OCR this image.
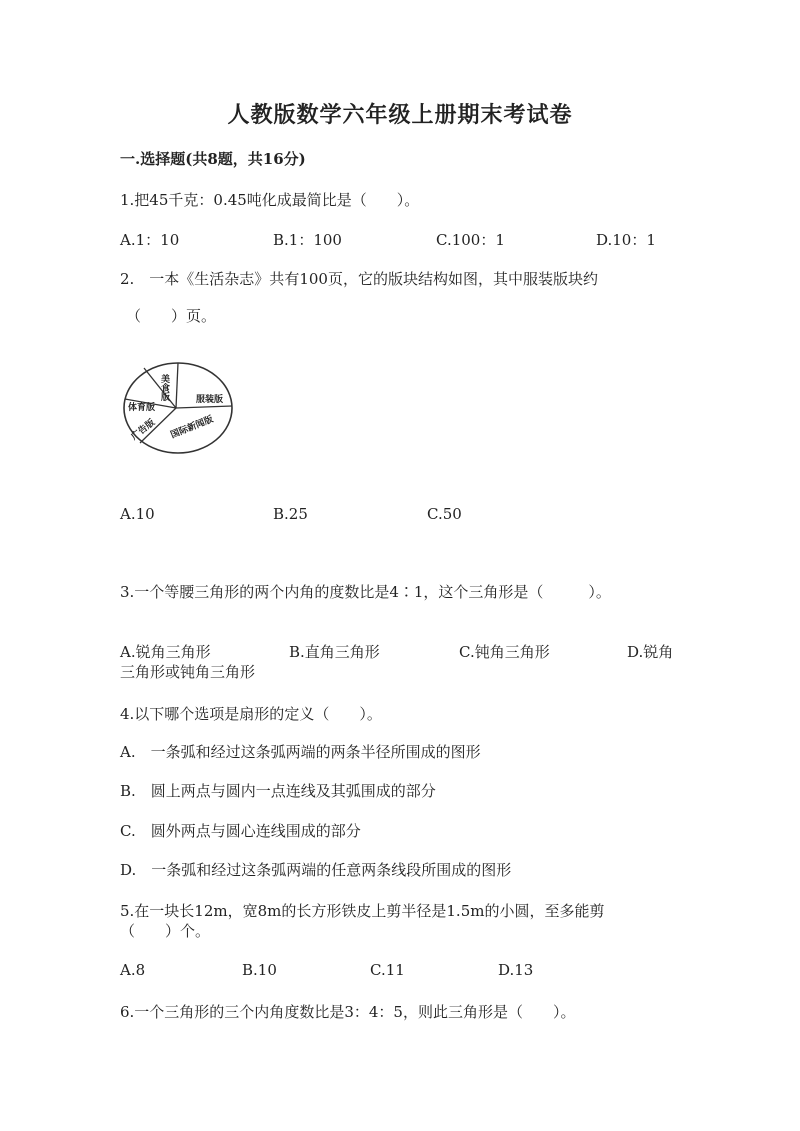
人教版数学六年级上册期末考试卷
一.选择题(共8题，共16分)
1.把45千克：0.45吨化成最简比是（　　）。
A.1：10	B.1：100	C.100：1	D.10：1
2.　一本《生活杂志》共有100页，它的版块结构如图，其中服装版块约
（　　）页。
美食版	服装版
体育版
广告版 国际新闻版
A.10	B.25	C.50
3.一个等腰三角形的两个内角的度数比是4∶1，这个三角形是（　　　）。
A.锐角三角形	B.直角三角形	C.钝角三角形	D.锐角
三角形或钝角三角形
4.以下哪个选项是扇形的定义（　　）。
A.　一条弧和经过这条弧两端的两条半径所围成的图形
B.　圆上两点与圆内一点连线及其弧围成的部分
C.　圆外两点与圆心连线围成的部分
D.　一条弧和经过这条弧两端的任意两条线段所围成的图形
5.在一块长12m，宽8m的长方形铁皮上剪半径是1.5m的小圆，至多能剪
（　　）个。
A.8	B.10	C.11	D.13
6.一个三角形的三个内角度数比是3：4：5，则此三角形是（　　）。
